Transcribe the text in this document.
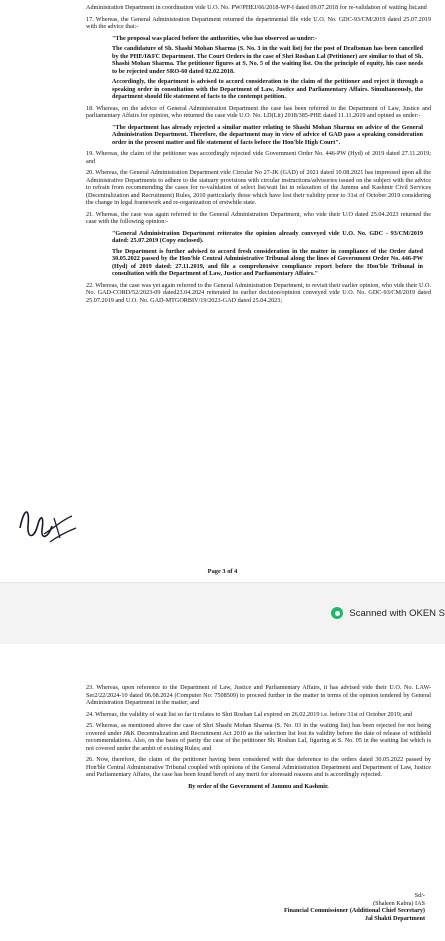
Administration Department in coordination vide U.O. No. PW/PHEJ/66/2018-WP-I dated 09.07.2018 for re-validation of waiting list;and

17. Whereas, the General Administration Department returned the departmental file vide U.O. No. GDC-93/CM/2019 dated 25.07.2019 with the advice that:-

"The proposal was placed before the authorities, who has observed as under:-

The candidature of Sh. Shashi Mohan Sharma (S. No. 3 in the wait list) for the post of Draftsman has been cancelled by the PHE/I&FC Department. The Court Orders in the case of Shri Roshan Lal (Petitioner) are similar to that of Sh. Shashi Mohan Sharma. The petitioner figures at S. No. 5 of the waiting list. On the principle of equity, his case needs to be rejected under SRO-60 dated 02.02.2018.

Accordingly, the department is advised to accord consideration to the claim of the petitioner and reject it through a speaking order in consultation with the Department of Law, Justice and Parliamentary Affairs. Simultaneously, the department should file statement of facts to the contempt petition.

18. Whereas, on the advice of General Administration Department the case has been referred to the Department of Law, Justice and parliamentary Affairs for opinion, who returned the case vide U.O. No. LD(Lit) 2018/385-PHE dated 11.11.2019 and opined as under:-

"The department has already rejected a similar matter relating to Shashi Mohan Sharma on advice of the General Administration Department. Therefore, the department may in view of advice of GAD pass a speaking consideration order in the present matter and file statement of facts before the Hon'ble High Court".

19. Whereas, the claim of the petitioner was accordingly rejected vide Government Order No. 446-PW (Hyd) of 2019 dated 27.11.2019; and

20. Whereas, the General Administration Department vide Circular No 27-JK (GAD) of 2021 dated 10.08.2021 has impressed upon all the Administrative Departments to adhere to the statuary provisions with circular instructions/advisories issued on the subject with the advice to refrain from recommending the cases for re-validation of select list/wait list in relaxation of the Jammu and Kashmir Civil Services (Decentralization and Recruitment) Rules, 2010 particularly those which have lost their validity prior to 31st of October 2019 considering the change in legal framework and re-organization of erstwhile state.

21. Whereas, the case was again referred to the General Administration Department, who vide their U.O dated 25.04.2023 returned the case with the following opinion:-

"General Administration Department reiterates the opinion already conveyed vide U.O. No. GDC - 93/CM/2019 dated: 25.07.2019 (Copy enclosed).

The Department is further advised to accord fresh consideration in the matter in compliance of the Order dated 30.05.2022 passed by the Hon'ble Central Administrative Tribunal along the lines of Government Order No. 446-PW (Hyd) of 2019 dated: 27.11.2019, and file a comprehensive compliance report before the Hon'ble Tribunal in consultation with the Department of Law, Justice and Parliamentary Affairs."

22. Whereas, the case was yet again referred to the General Administration Department, to revisit their earlier opinion, who vide their U.O. No. GAD-CORD/52/2023-09 dated23.04.2024 reiterated its earlier decision/opinion conveyed vide U.O. No. GDC-93/CM/2019 dated 25.07.2019 and U.O. No. GAD-MTGORBIV/19/2023-GAD dated 25.04.2023;

Page 3 of 4
Scanned with OKEN S

23. Whereas, upon reference to the Department of Law, Justice and Parliamentary Affairs, it has advised vide their U.O. No. LAW-Ser2/22/2024-10 dated 06.08.2024 (Computer No: 7508509) to proceed further in the matter in terms of the opinion tendered by General Administration Department in the matter; and

24. Whereas, the validity of wait list so far it relates to Shri Roshan Lal expired on 26.02.2019 i.e. before 31st of October 2019; and

25. Whereas, as mentioned above the case of Shri Shashi Mohan Sharma (S. No. 03 in the waiting list) has been rejected for not being covered under J&K Decentralization and Recruitment Act 2010 as the selection list lost its validity before the date of release of withheld recommendations. Also, on the basis of parity the case of the petitioner Sh. Roshan Lal, figuring at S. No. 05 in the waiting list which is not covered under the ambit of existing Rules; and

26. Now, therefore, the claim of the petitioner having been considered with due deference to the orders dated 30.05.2022 passed by Hon'ble Central Administrative Tribunal coupled with opinions of the General Administration Department and Department of Law, Justice and Parliamentary Affairs, the case has been found bereft of any merit for aforesaid reasons and is accordingly rejected.

By order of the Government of Jammu and Kashmir.

Sd/-
(Shaleen Kabra) IAS
Financial Commissioner (Additional Chief Secretary)
Jal Shakti Department
